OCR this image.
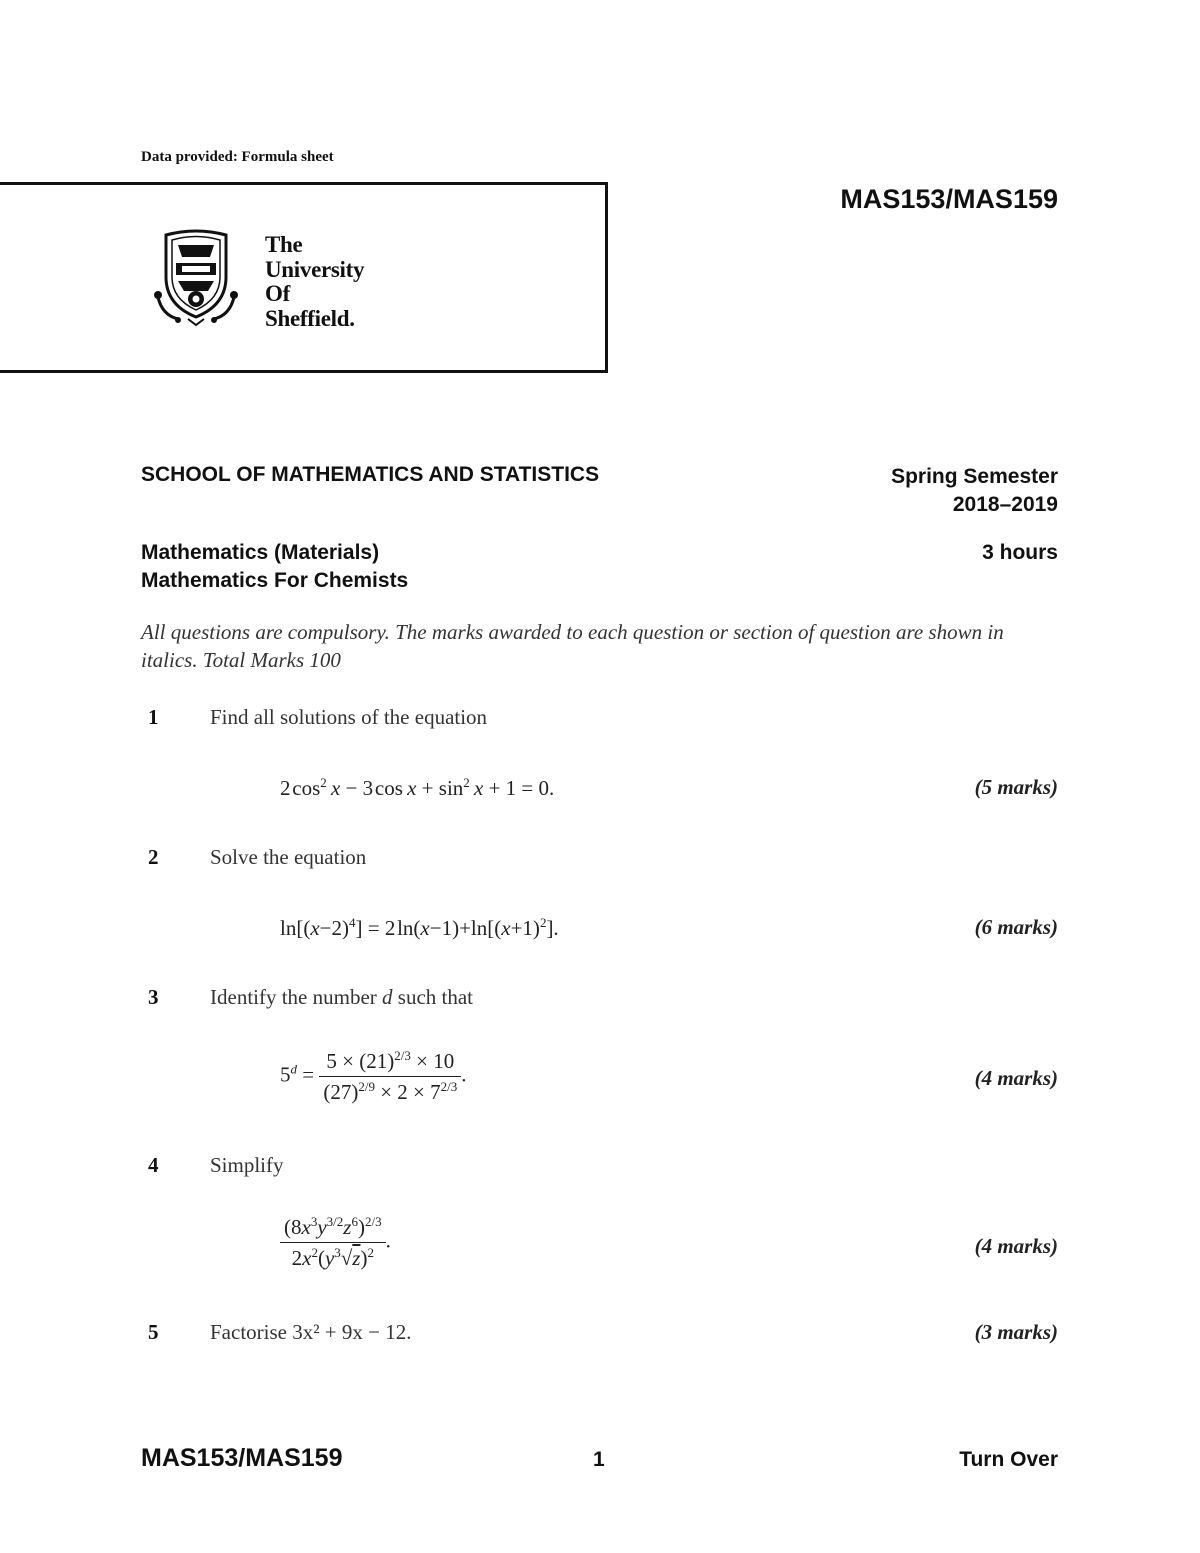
Data provided: Formula sheet
The
University
Of
Sheffield.
MAS153/MAS159
SCHOOL OF MATHEMATICS AND STATISTICS	Spring Semester
2018–2019
Mathematics (Materials)
Mathematics For Chemists
3 hours
All questions are compulsory. The marks awarded to each question or section of question are shown in italics. Total Marks 100
1 Find all solutions of the equation
2 $\cos^2 x - 3$ $\cos x + \sin^2 x + 1 = 0$.	(5 marks)
2 Solve the equation
$\ln[(x-2)^4] = 2$ $\ln(x-1)+\ln[(x+1)^2]$.	(6 marks)
3 Identify the number d such that
$5^d = \frac{5 \times (21)^{2/3} \times 10}{(27)^{2/9} \times 2 \times 7^{2/3}}$ .	(4 marks)
4 Simplify
$\frac{(8x^3y^{3/2}z^6)^{2/3}}{2x^2(y^3√z)^2}$ .	(4 marks)
5 Factorise 3x² + 9x − 12.	(3 marks)
MAS153/MAS159	1	Turn Over
